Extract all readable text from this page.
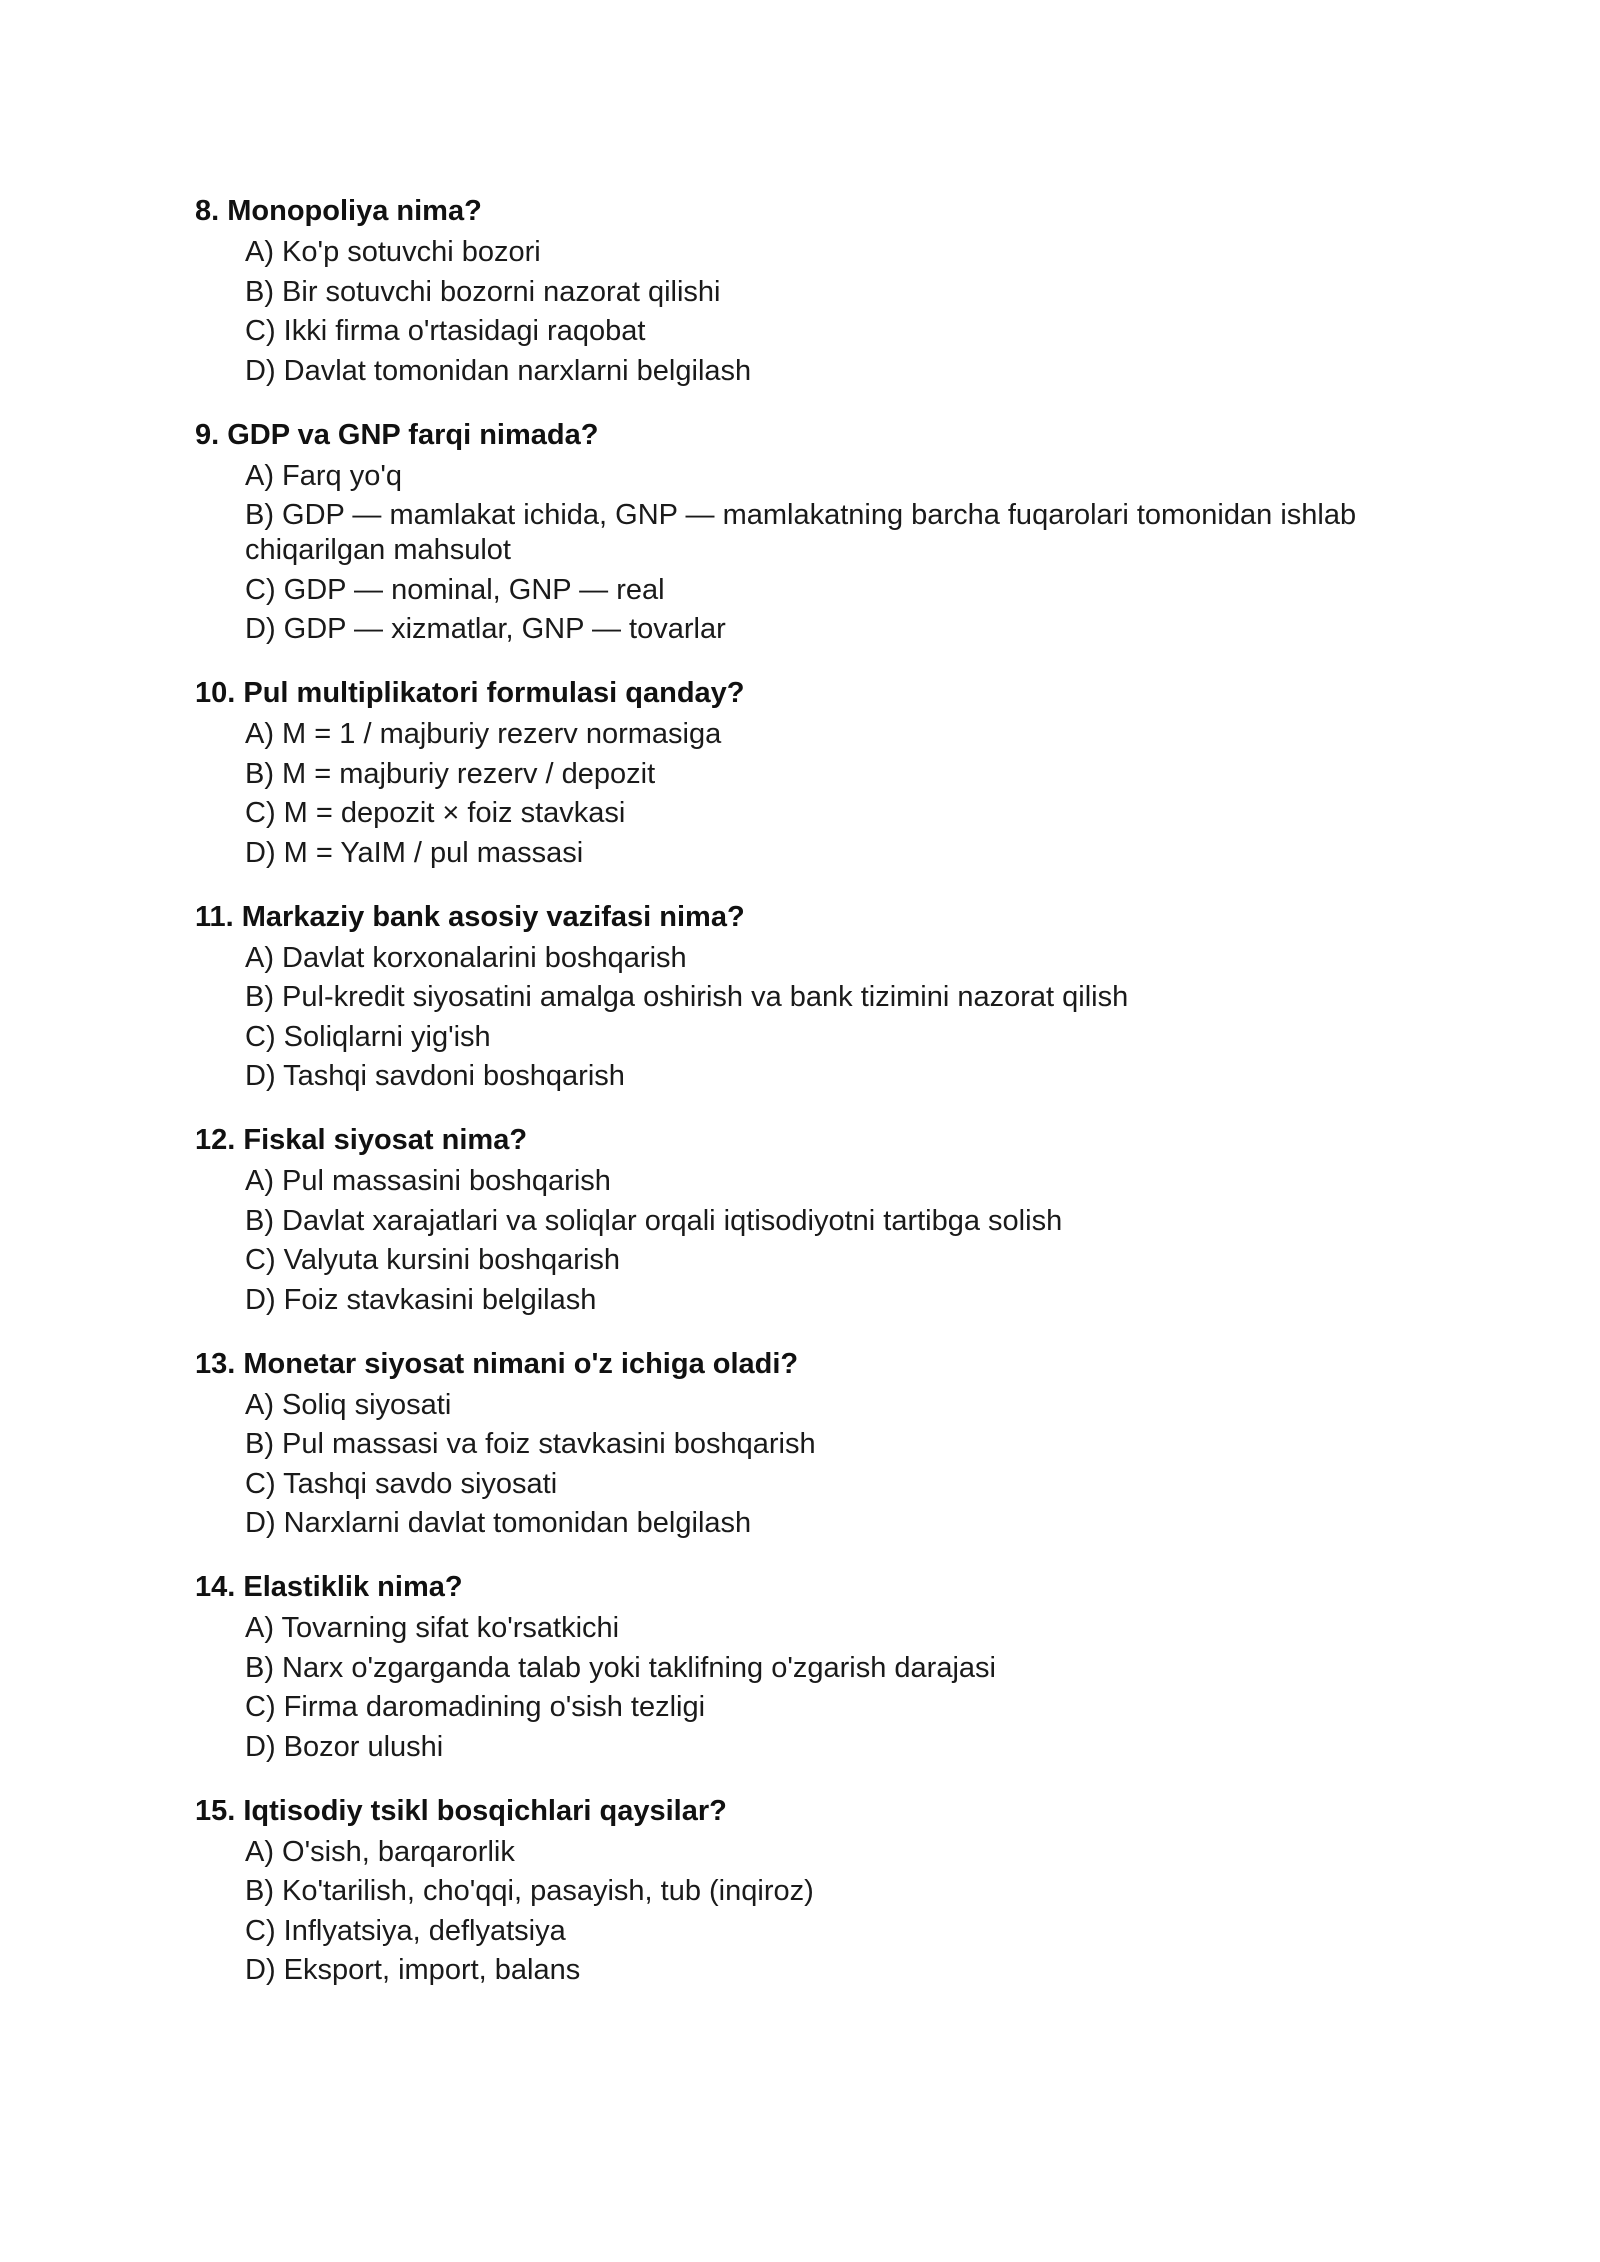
8. Monopoliya nima?
A) Ko'p sotuvchi bozori
B) Bir sotuvchi bozorni nazorat qilishi
C) Ikki firma o'rtasidagi raqobat
D) Davlat tomonidan narxlarni belgilash
9. GDP va GNP farqi nimada?
A) Farq yo'q
B) GDP — mamlakat ichida, GNP — mamlakatning barcha fuqarolari tomonidan ishlab chiqarilgan mahsulot
C) GDP — nominal, GNP — real
D) GDP — xizmatlar, GNP — tovarlar
10. Pul multiplikatori formulasi qanday?
A) M = 1 / majburiy rezerv normasiga
B) M = majburiy rezerv / depozit
C) M = depozit × foiz stavkasi
D) M = YaIM / pul massasi
11. Markaziy bank asosiy vazifasi nima?
A) Davlat korxonalarini boshqarish
B) Pul-kredit siyosatini amalga oshirish va bank tizimini nazorat qilish
C) Soliqlarni yig'ish
D) Tashqi savdoni boshqarish
12. Fiskal siyosat nima?
A) Pul massasini boshqarish
B) Davlat xarajatlari va soliqlar orqali iqtisodiyotni tartibga solish
C) Valyuta kursini boshqarish
D) Foiz stavkasini belgilash
13. Monetar siyosat nimani o'z ichiga oladi?
A) Soliq siyosati
B) Pul massasi va foiz stavkasini boshqarish
C) Tashqi savdo siyosati
D) Narxlarni davlat tomonidan belgilash
14. Elastiklik nima?
A) Tovarning sifat ko'rsatkichi
B) Narx o'zgarganda talab yoki taklifning o'zgarish darajasi
C) Firma daromadining o'sish tezligi
D) Bozor ulushi
15. Iqtisodiy tsikl bosqichlari qaysilar?
A) O'sish, barqarorlik
B) Ko'tarilish, cho'qqi, pasayish, tub (inqiroz)
C) Inflyatsiya, deflyatsiya
D) Eksport, import, balans
